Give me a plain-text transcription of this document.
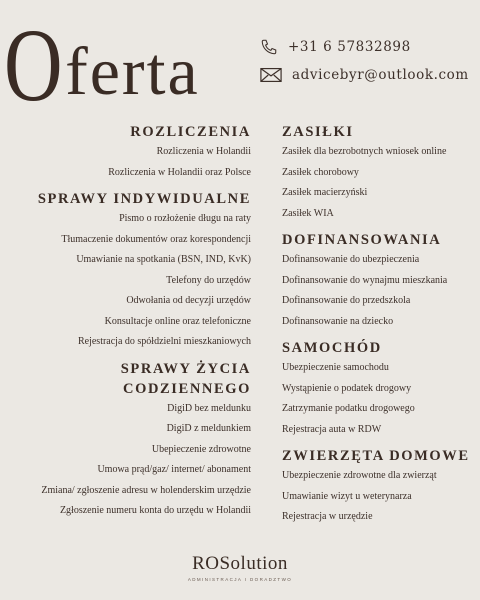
Oferta	+31 6 57832898
advicebyr@outlook.com
ROZLICZENIA
Rozliczenia w Holandii
Rozliczenia w Holandii oraz Polsce
SPRAWY INDYWIDUALNE
Pismo o rozłożenie długu na raty
Tłumaczenie dokumentów oraz korespondencji
Umawianie na spotkania (BSN, IND, KvK)
Telefony do urzędów
Odwołania od decyzji urzędów
Konsultacje online oraz telefoniczne
Rejestracja do spółdzielni mieszkaniowych
SPRAWY ŻYCIA CODZIENNEGO
DigiD bez meldunku
DigiD z meldunkiem
Ubepieczenie zdrowotne
Umowa prąd/gaz/ internet/ abonament
Zmiana/ zgłoszenie adresu w holenderskim urzędzie
Zgłoszenie numeru konta do urzędu w Holandii
ZASIŁKI
Zasiłek dla bezrobotnych wniosek online
Zasiłek chorobowy
Zasiłek macierzyński
Zasiłek WIA
DOFINANSOWANIA
Dofinansowanie do ubezpieczenia
Dofinansowanie do wynajmu mieszkania
Dofinansowanie do przedszkola
Dofinansowanie na dziecko
SAMOCHÓD
Ubezpieczenie samochodu
Wystąpienie o podatek drogowy
Zatrzymanie podatku drogowego
Rejestracja auta w RDW
ZWIERZĘTA DOMOWE
Ubezpieczenie zdrowotne dla zwierząt
Umawianie wizyt u weterynarza
Rejestracja w urzędzie
ROSolution
ADMINISTRACJA I DORADZTWO
